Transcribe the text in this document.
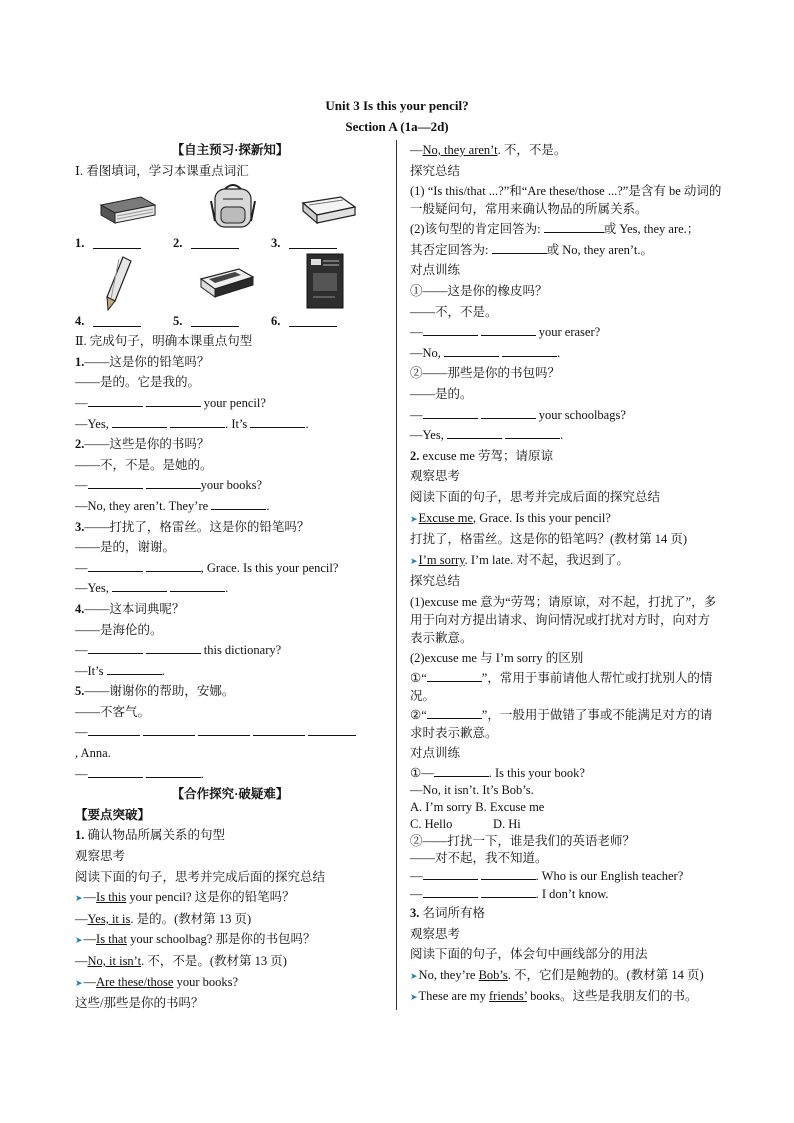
Unit 3 Is this your pencil?
Section A (1a—2d)
【自主预习·探新知】
Ⅰ. 看图填词，学习本课重点词汇
1.	2.	3.
4.	5.	6.
Ⅱ. 完成句子，明确本课重点句型
1.——这是你的铅笔吗？
——是的。它是我的。
—	your pencil?
—Yes,	. It’s	.
2.——这些是你的书吗？
——不，不是。是她的。
—	your books?
—No, they aren’t. They’re	.
3.——打扰了，格雷丝。这是你的铅笔吗？
——是的，谢谢。
—	, Grace. Is this your pencil?
—Yes,	.
4.——这本词典呢？
——是海伦的。
—	this dictionary?
—It’s	.
5.——谢谢你的帮助，安娜。
——不客气。
—
, Anna.
—	.
【合作探究·破疑难】
【要点突破】
1. 确认物品所属关系的句型
观察思考
阅读下面的句子，思考并完成后面的探究总结
➤—Is this your pencil? 这是你的铅笔吗？
—Yes, it is. 是的。(教材第 13 页)
➤—Is that your schoolbag? 那是你的书包吗？
—No, it isn’t. 不，不是。(教材第 13 页)
➤—Are these/those your books?
这些/那些是你的书吗？
—No, they aren’t. 不，不是。
探究总结
(1) “Is this/that ...?”和“Are these/those ...?”是含有 be 动词的一般疑问句，常用来确认物品的所属关系。
(2)该句型的肯定回答为:	或 Yes, they are.；
其否定回答为:	或 No, they aren’t.。
对点训练
①——这是你的橡皮吗？
——不，不是。
—	your eraser?
—No,	.
②——那些是你的书包吗？
——是的。
—	your schoolbags?
—Yes,	.
2. excuse me 劳驾；请原谅
观察思考
阅读下面的句子，思考并完成后面的探究总结
➤Excuse me, Grace. Is this your pencil?
打扰了，格雷丝。这是你的铅笔吗？(教材第 14 页)
➤I’m sorry. I’m late. 对不起，我迟到了。
探究总结
(1)excuse me 意为“劳驾；请原谅，对不起，打扰了”，多用于向对方提出请求、询问情况或打扰对方时，向对方表示歉意。
(2)excuse me 与 I’m sorry 的区别
①“	”，常用于事前请他人帮忙或打扰别人的情况。
②“	”，一般用于做错了事或不能满足对方的请求时表示歉意。
对点训练
①—	. Is this your book?
—No, it isn’t. It’s Bob’s.
A. I’m sorry B. Excuse me
C. Hello             D. Hi
②——打扰一下，谁是我们的英语老师？
——对不起，我不知道。
—	. Who is our English teacher?
—	. I don’t know.
3. 名词所有格
观察思考
阅读下面的句子，体会句中画线部分的用法
➤No, they’re Bob’s. 不，它们是鲍勃的。(教材第 14 页)
➤These are my friends’ books。这些是我朋友们的书。
